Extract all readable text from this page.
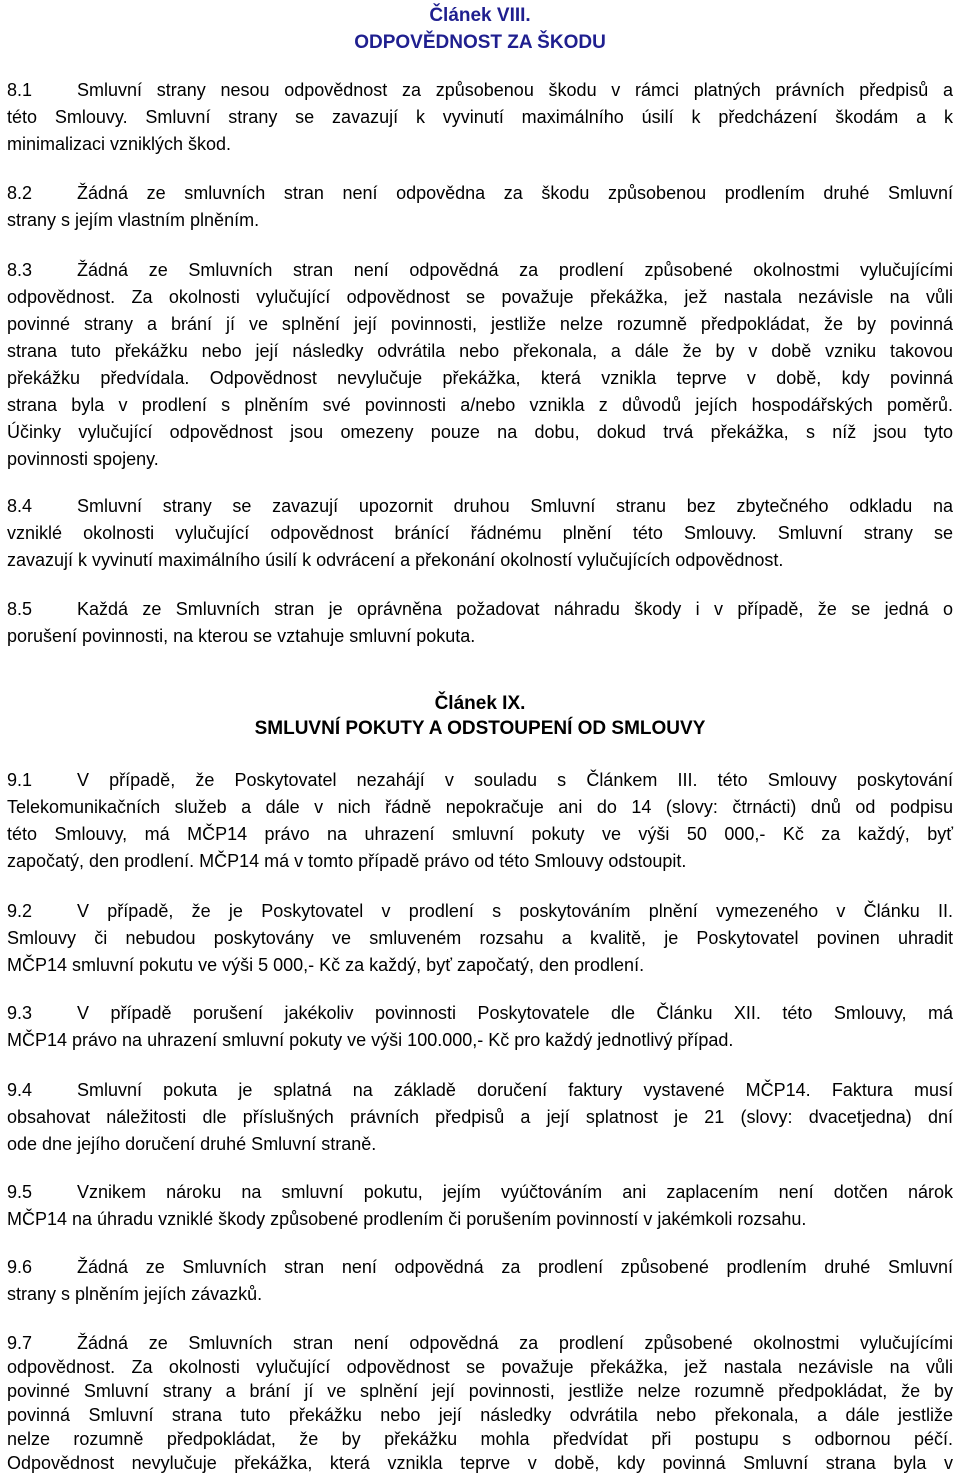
Článek VIII.
ODPOVĚDNOST ZA ŠKODU
8.1 Smluvní strany nesou odpovědnost za způsobenou škodu v rámci platných právních předpisů a
této Smlouvy. Smluvní strany se zavazují k vyvinutí maximálního úsilí k předcházení škodám a k
minimalizaci vzniklých škod.
8.2 Žádná ze smluvních stran není odpovědna za škodu způsobenou prodlením druhé Smluvní
strany s jejím vlastním plněním.
8.3 Žádná ze Smluvních stran není odpovědná za prodlení způsobené okolnostmi vylučujícími
odpovědnost. Za okolnosti vylučující odpovědnost se považuje překážka, jež nastala nezávisle na vůli
povinné strany a brání jí ve splnění její povinnosti, jestliže nelze rozumně předpokládat, že by povinná
strana tuto překážku nebo její následky odvrátila nebo překonala, a dále že by v době vzniku takovou
překážku předvídala. Odpovědnost nevylučuje překážka, která vznikla teprve v době, kdy povinná
strana byla v prodlení s plněním své povinnosti a/nebo vznikla z důvodů jejích hospodářských poměrů.
Účinky vylučující odpovědnost jsou omezeny pouze na dobu, dokud trvá překážka, s níž jsou tyto
povinnosti spojeny.
8.4 Smluvní strany se zavazují upozornit druhou Smluvní stranu bez zbytečného odkladu na
vzniklé okolnosti vylučující odpovědnost bránící řádnému plnění této Smlouvy. Smluvní strany se
zavazují k vyvinutí maximálního úsilí k odvrácení a překonání okolností vylučujících odpovědnost.
8.5 Každá ze Smluvních stran je oprávněna požadovat náhradu škody i v případě, že se jedná o
porušení povinnosti, na kterou se vztahuje smluvní pokuta.
Článek IX.
SMLUVNÍ POKUTY A ODSTOUPENÍ OD SMLOUVY
9.1 V případě, že Poskytovatel nezahájí v souladu s Článkem III. této Smlouvy poskytování
Telekomunikačních služeb a dále v nich řádně nepokračuje ani do 14 (slovy: čtrnácti) dnů od podpisu
této Smlouvy, má MČP14 právo na uhrazení smluvní pokuty ve výši 50 000,- Kč za každý, byť
započatý, den prodlení. MČP14 má v tomto případě právo od této Smlouvy odstoupit.
9.2 V případě, že je Poskytovatel v prodlení s poskytováním plnění vymezeného v Článku II.
Smlouvy či nebudou poskytovány ve smluveném rozsahu a kvalitě, je Poskytovatel povinen uhradit
MČP14 smluvní pokutu ve výši 5 000,- Kč za každý, byť započatý, den prodlení.
9.3 V případě porušení jakékoliv povinnosti Poskytovatele dle Článku XII. této Smlouvy, má
MČP14 právo na uhrazení smluvní pokuty ve výši 100.000,- Kč pro každý jednotlivý případ.
9.4 Smluvní pokuta je splatná na základě doručení faktury vystavené MČP14. Faktura musí
obsahovat náležitosti dle příslušných právních předpisů a její splatnost je 21 (slovy: dvacetjedna) dní
ode dne jejího doručení druhé Smluvní straně.
9.5 Vznikem nároku na smluvní pokutu, jejím vyúčtováním ani zaplacením není dotčen nárok
MČP14 na úhradu vzniklé škody způsobené prodlením či porušením povinností v jakémkoli rozsahu.
9.6 Žádná ze Smluvních stran není odpovědná za prodlení způsobené prodlením druhé Smluvní
strany s plněním jejích závazků.
9.7 Žádná ze Smluvních stran není odpovědná za prodlení způsobené okolnostmi vylučujícími
odpovědnost. Za okolnosti vylučující odpovědnost se považuje překážka, jež nastala nezávisle na vůli
povinné Smluvní strany a brání jí ve splnění její povinnosti, jestliže nelze rozumně předpokládat, že by
povinná Smluvní strana tuto překážku nebo její následky odvrátila nebo překonala, a dále jestliže
nelze rozumně předpokládat, že by překážku mohla předvídat při postupu s odbornou péčí.
Odpovědnost nevylučuje překážka, která vznikla teprve v době, kdy povinná Smluvní strana byla v
